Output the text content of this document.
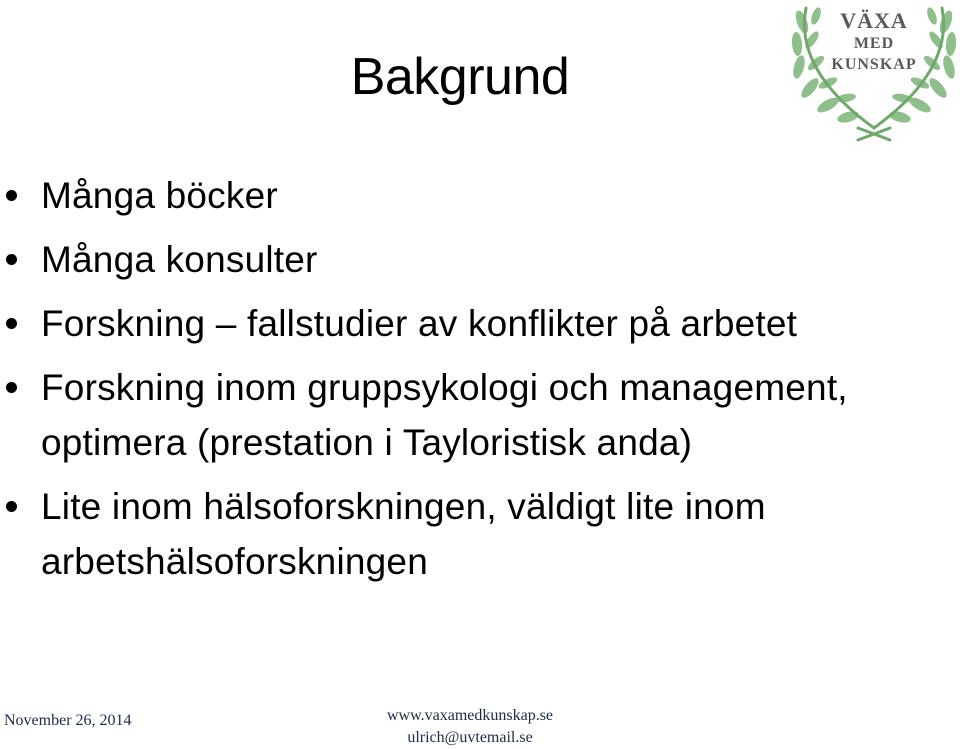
Bakgrund
VÄXA
MED
KUNSKAP
Många böcker
Många konsulter
Forskning – fallstudier av konflikter på arbetet
Forskning inom gruppsykologi och management, optimera (prestation i Tayloristisk anda)
Lite inom hälsoforskningen, väldigt lite inom arbetshälsoforskningen
November 26, 2014	www.vaxamedkunskap.se
ulrich@uvtemail.se
